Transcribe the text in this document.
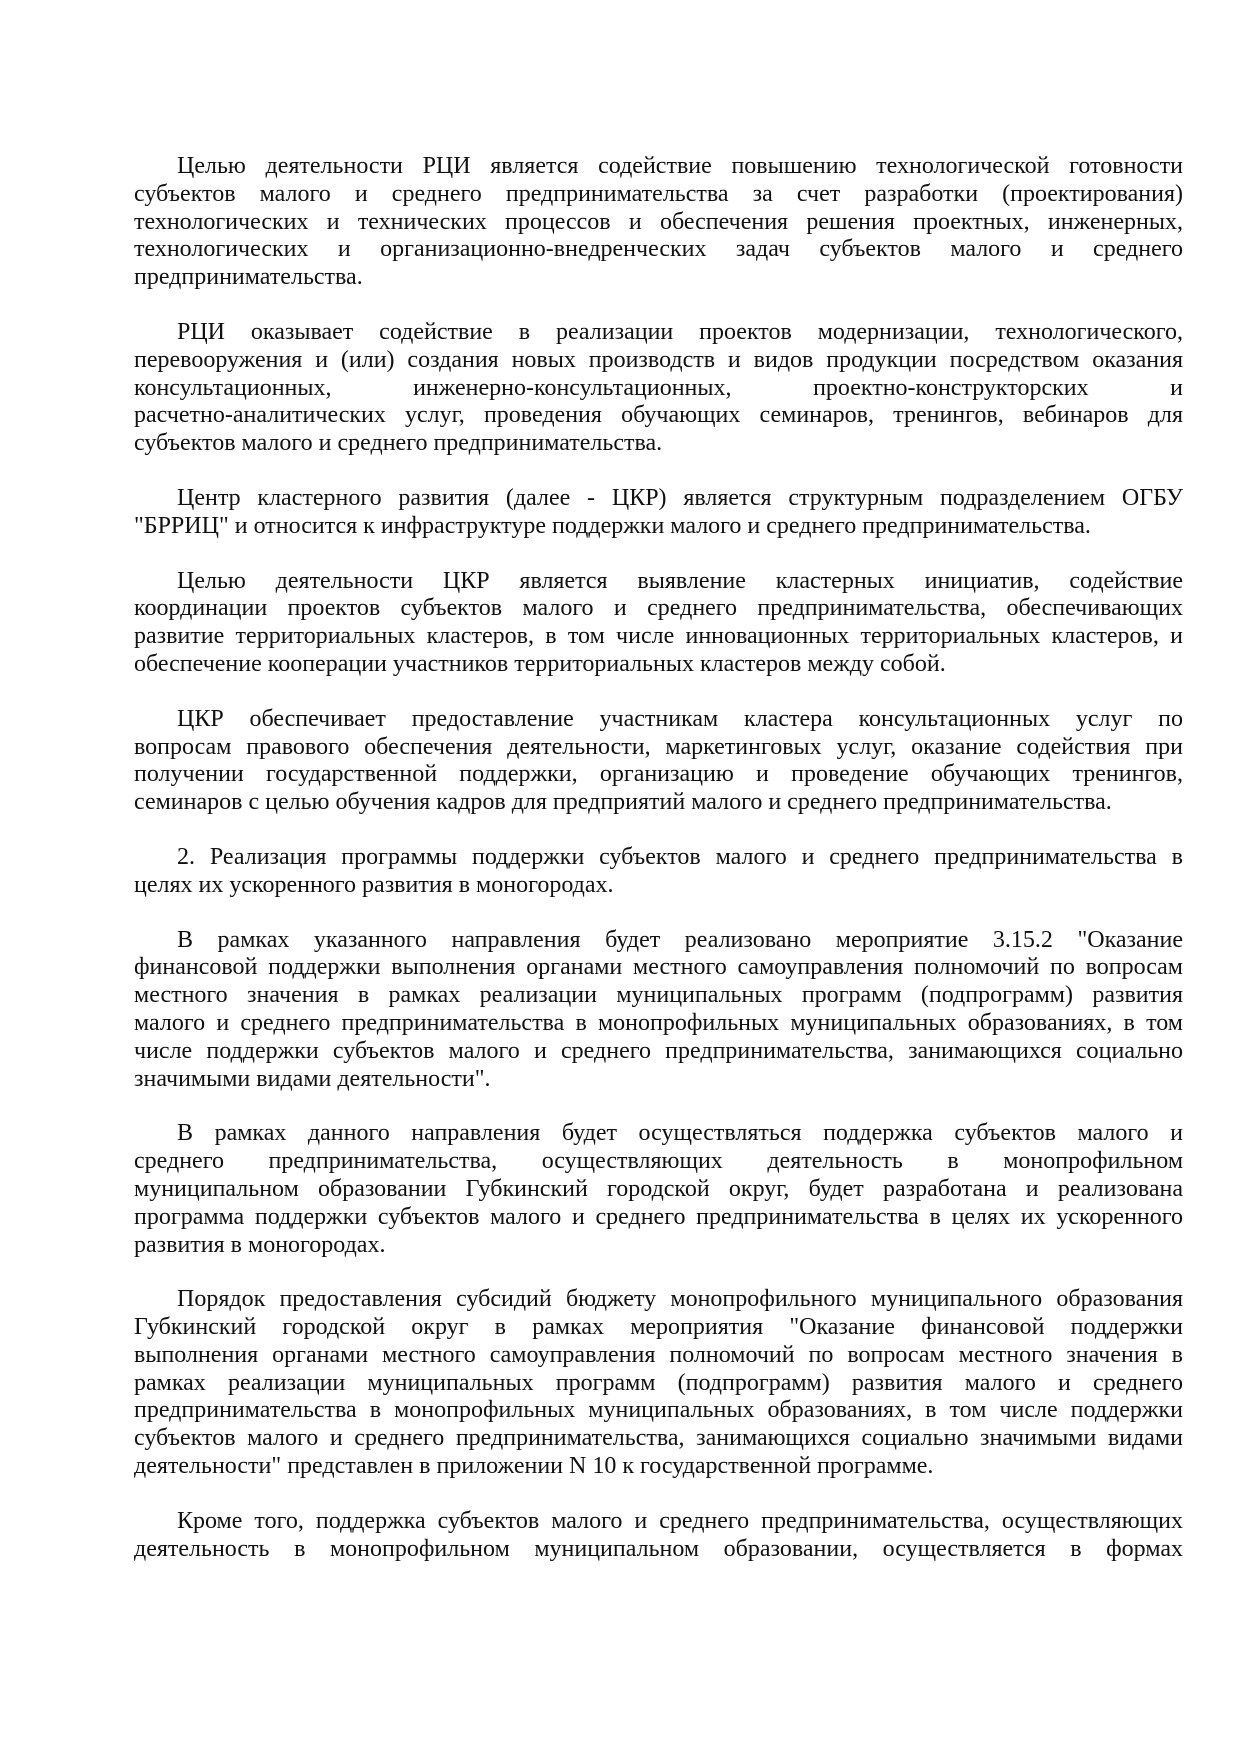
Целью деятельности РЦИ является содействие повышению технологической готовности
субъектов малого и среднего предпринимательства за счет разработки (проектирования)
технологических и технических процессов и обеспечения решения проектных, инженерных,
технологических и организационно-внедренческих задач субъектов малого и среднего
предпринимательства.
РЦИ оказывает содействие в реализации проектов модернизации, технологического,
перевооружения и (или) создания новых производств и видов продукции посредством оказания
консультационных, инженерно-консультационных, проектно-конструкторских и
расчетно-аналитических услуг, проведения обучающих семинаров, тренингов, вебинаров для
субъектов малого и среднего предпринимательства.
Центр кластерного развития (далее - ЦКР) является структурным подразделением ОГБУ
"БРРИЦ" и относится к инфраструктуре поддержки малого и среднего предпринимательства.
Целью деятельности ЦКР является выявление кластерных инициатив, содействие
координации проектов субъектов малого и среднего предпринимательства, обеспечивающих
развитие территориальных кластеров, в том числе инновационных территориальных кластеров, и
обеспечение кооперации участников территориальных кластеров между собой.
ЦКР обеспечивает предоставление участникам кластера консультационных услуг по
вопросам правового обеспечения деятельности, маркетинговых услуг, оказание содействия при
получении государственной поддержки, организацию и проведение обучающих тренингов,
семинаров с целью обучения кадров для предприятий малого и среднего предпринимательства.
2. Реализация программы поддержки субъектов малого и среднего предпринимательства в
целях их ускоренного развития в моногородах.
В рамках указанного направления будет реализовано мероприятие 3.15.2 "Оказание
финансовой поддержки выполнения органами местного самоуправления полномочий по вопросам
местного значения в рамках реализации муниципальных программ (подпрограмм) развития
малого и среднего предпринимательства в монопрофильных муниципальных образованиях, в том
числе поддержки субъектов малого и среднего предпринимательства, занимающихся социально
значимыми видами деятельности".
В рамках данного направления будет осуществляться поддержка субъектов малого и
среднего предпринимательства, осуществляющих деятельность в монопрофильном
муниципальном образовании Губкинский городской округ, будет разработана и реализована
программа поддержки субъектов малого и среднего предпринимательства в целях их ускоренного
развития в моногородах.
Порядок предоставления субсидий бюджету монопрофильного муниципального образования
Губкинский городской округ в рамках мероприятия "Оказание финансовой поддержки
выполнения органами местного самоуправления полномочий по вопросам местного значения в
рамках реализации муниципальных программ (подпрограмм) развития малого и среднего
предпринимательства в монопрофильных муниципальных образованиях, в том числе поддержки
субъектов малого и среднего предпринимательства, занимающихся социально значимыми видами
деятельности" представлен в приложении N 10 к государственной программе.
Кроме того, поддержка субъектов малого и среднего предпринимательства, осуществляющих
деятельность в монопрофильном муниципальном образовании, осуществляется в формах
